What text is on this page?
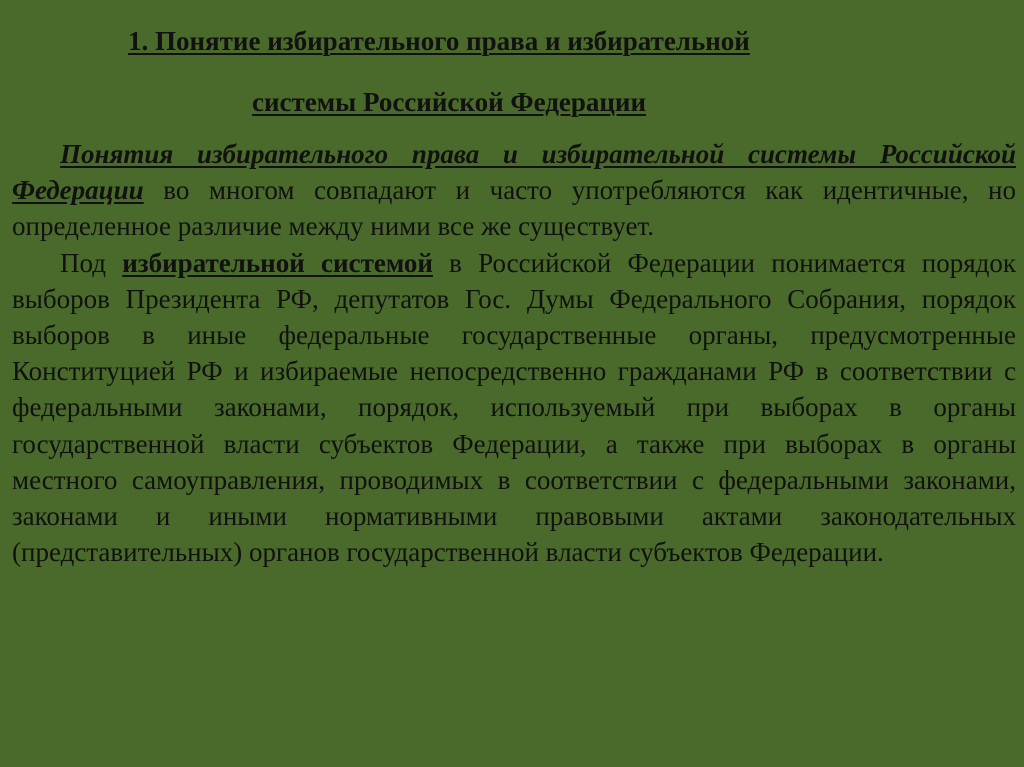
1. Понятие избирательного права и избирательной
системы Российской Федерации

Понятия избирательного права и избирательной системы Российской Федерации во многом совпадают и часто употребляются как идентичные, но определенное различие между ними все же существует.

Под избирательной системой в Российской Федерации понимается порядок выборов Президента РФ, депутатов Гос. Думы Федерального Собрания, порядок выборов в иные федеральные государственные органы, предусмотренные Конституцией РФ и избираемые непосредственно гражданами РФ в соответствии с федеральными законами, порядок, используемый при выборах в органы государственной власти субъектов Федерации, а также при выборах в органы местного самоуправления, проводимых в соответствии с федеральными законами, законами и иными нормативными правовыми актами законодательных (представительных) органов государственной власти субъектов Федерации.
